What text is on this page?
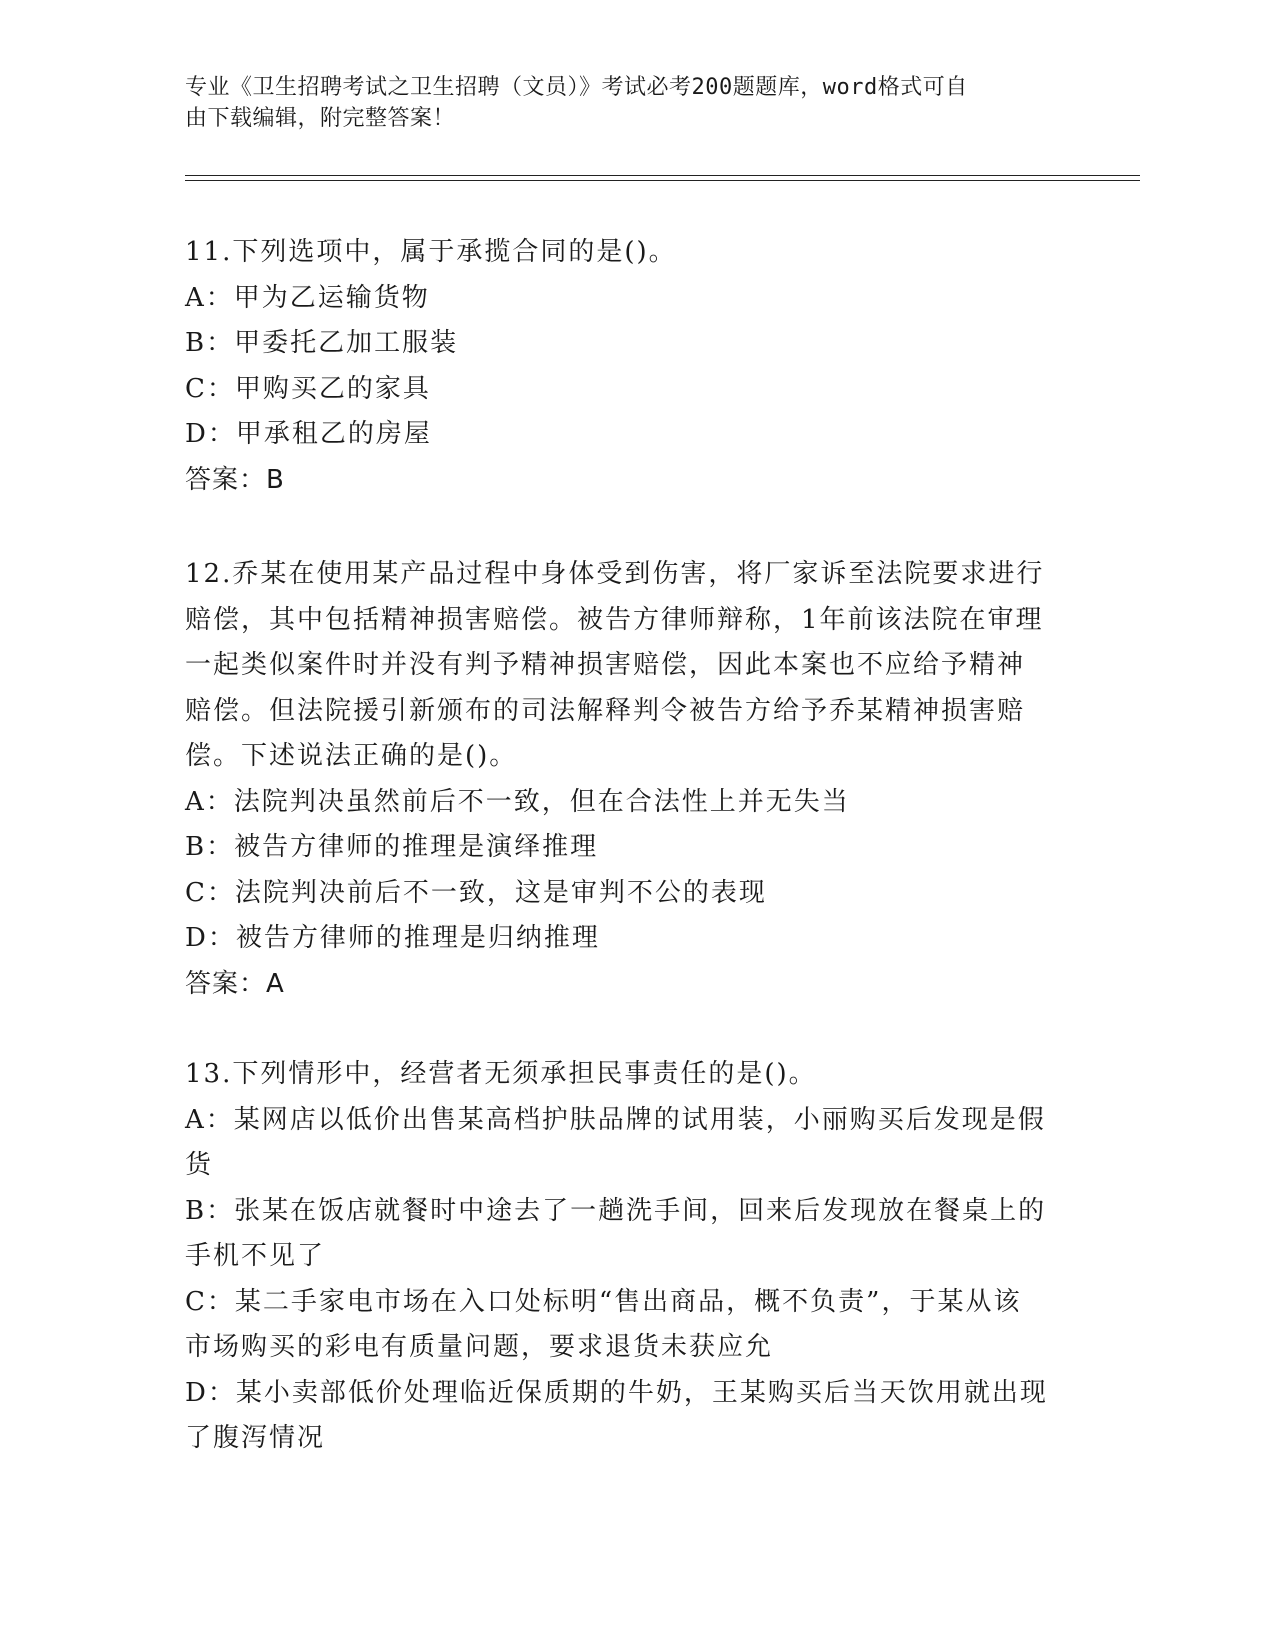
专业《卫生招聘考试之卫生招聘（文员）》考试必考200题题库，word格式可自
由下载编辑，附完整答案！
11.下列选项中，属于承揽合同的是()。
A：甲为乙运输货物
B：甲委托乙加工服装
C：甲购买乙的家具
D：甲承租乙的房屋
答案：B
12.乔某在使用某产品过程中身体受到伤害，将厂家诉至法院要求进行
赔偿，其中包括精神损害赔偿。被告方律师辩称，1年前该法院在审理
一起类似案件时并没有判予精神损害赔偿，因此本案也不应给予精神
赔偿。但法院援引新颁布的司法解释判令被告方给予乔某精神损害赔
偿。下述说法正确的是()。
A：法院判决虽然前后不一致，但在合法性上并无失当
B：被告方律师的推理是演绎推理
C：法院判决前后不一致，这是审判不公的表现
D：被告方律师的推理是归纳推理
答案：A
13.下列情形中，经营者无须承担民事责任的是()。
A：某网店以低价出售某高档护肤品牌的试用装，小丽购买后发现是假
货
B：张某在饭店就餐时中途去了一趟洗手间，回来后发现放在餐桌上的
手机不见了
C：某二手家电市场在入口处标明“售出商品，概不负责”，于某从该
市场购买的彩电有质量问题，要求退货未获应允
D：某小卖部低价处理临近保质期的牛奶，王某购买后当天饮用就出现
了腹泻情况
